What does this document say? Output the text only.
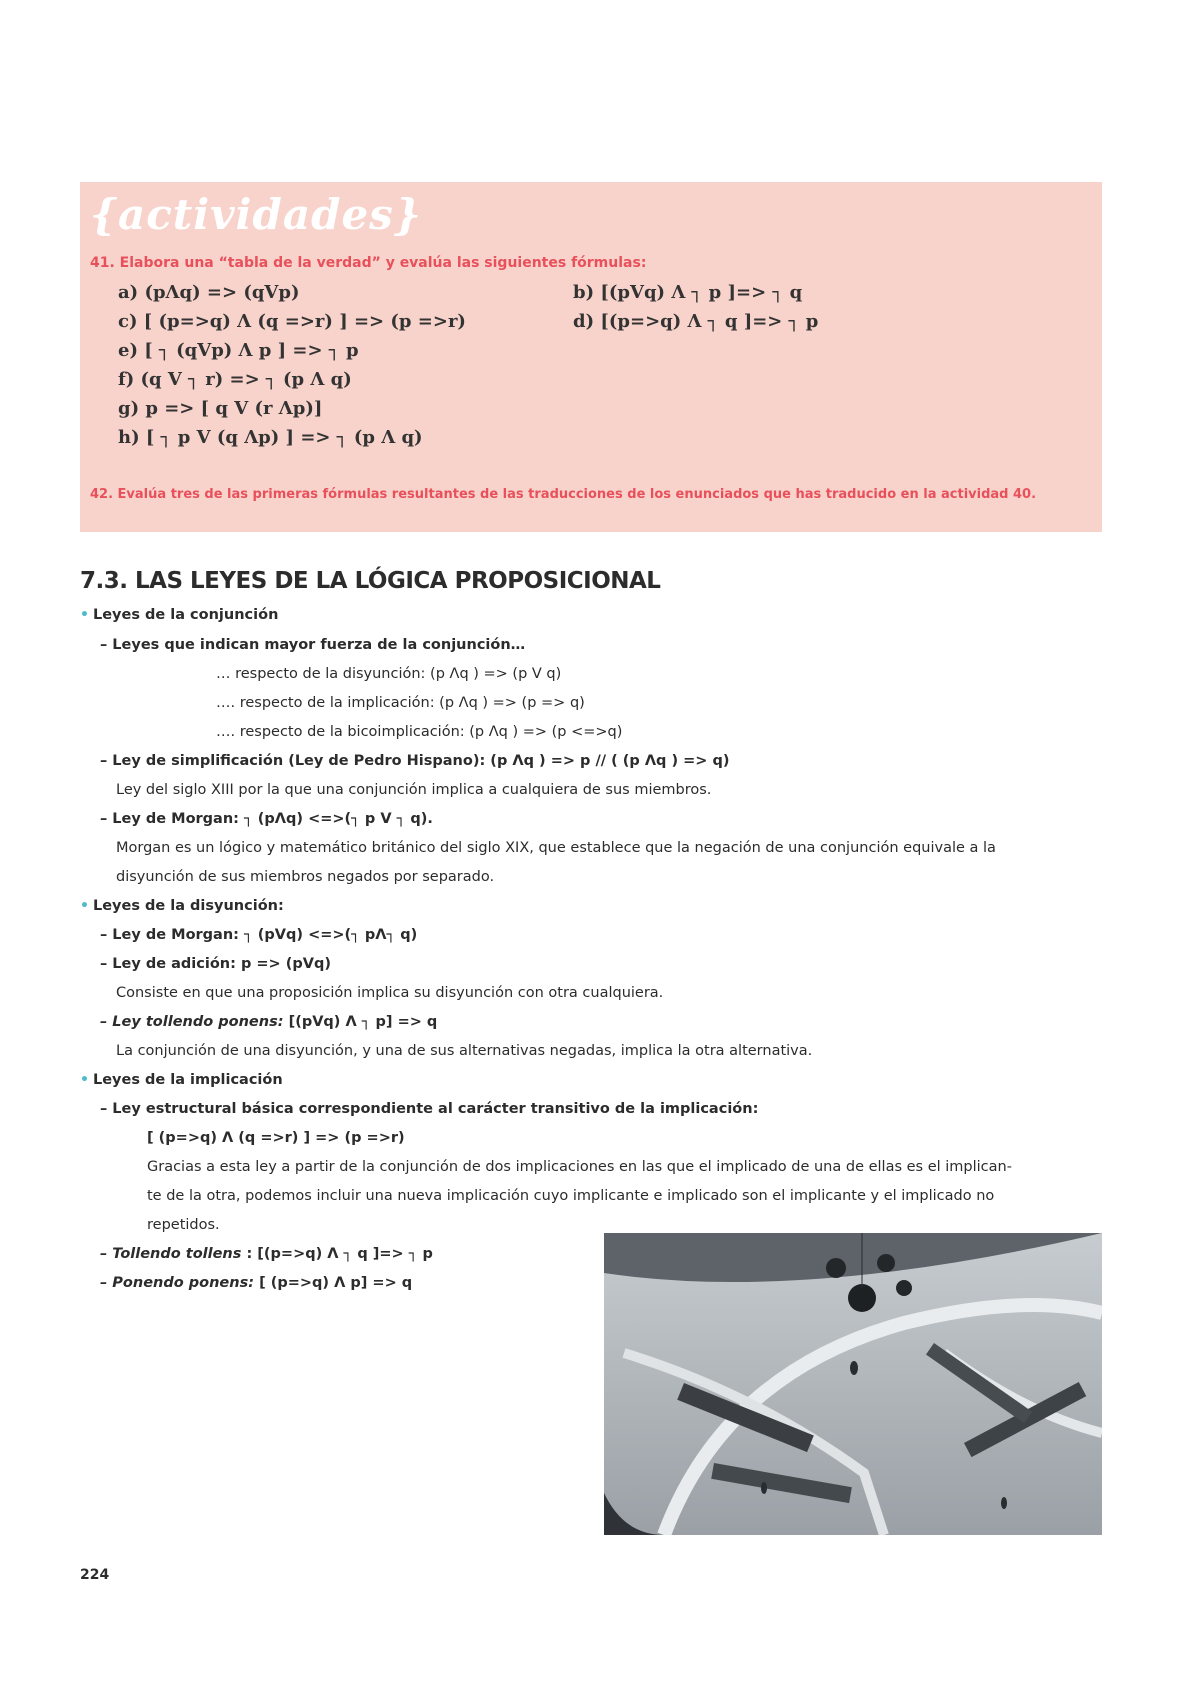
{actividades}
41. Elabora una “tabla de la verdad” y evalúa las siguientes fórmulas:
a) (pΛq) => (qVp)
c) [ (p=>q) Λ (q =>r) ] => (p =>r)
e) [ ┐ (qVp) Λ p ] => ┐ p
f) (q V ┐ r) => ┐ (p Λ q)
g) p => [ q V (r Λp)]
h) [ ┐ p V (q Λp) ] => ┐ (p Λ q)
b) [(pVq) Λ ┐ p ]=> ┐ q
d) [(p=>q) Λ ┐ q ]=> ┐ p
42. Evalúa tres de las primeras fórmulas resultantes de las traducciones de los enunciados que has traducido en la actividad 40.
7.3. LAS LEYES DE LA LÓGICA PROPOSICIONAL
• Leyes de la conjunción
– Leyes que indican mayor fuerza de la conjunción…
… respecto de la disyunción: (p Λq ) => (p V q)
…. respecto de la implicación: (p Λq ) => (p => q)
…. respecto de la bicoimplicación: (p Λq ) => (p <=>q)
– Ley de simplificación (Ley de Pedro Hispano): (p Λq ) => p // ( (p Λq ) => q)
Ley del siglo XIII por la que una conjunción implica a cualquiera de sus miembros.
– Ley de Morgan: ┐ (pΛq) <=>(┐ p V ┐ q).
Morgan es un lógico y matemático británico del siglo XIX, que establece que la negación de una conjunción equivale a la
disyunción de sus miembros negados por separado.
• Leyes de la disyunción:
– Ley de Morgan: ┐ (pVq) <=>(┐ pΛ┐ q)
– Ley de adición: p => (pVq)
Consiste en que una proposición implica su disyunción con otra cualquiera.
– Ley tollendo ponens: [(pVq) Λ ┐ p] => q
La conjunción de una disyunción, y una de sus alternativas negadas, implica la otra alternativa.
• Leyes de la implicación
– Ley estructural básica correspondiente al carácter transitivo de la implicación:
[ (p=>q) Λ (q =>r) ] => (p =>r)
Gracias a esta ley a partir de la conjunción de dos implicaciones en las que el implicado de una de ellas es el implican-
te de la otra, podemos incluir una nueva implicación cuyo implicante e implicado son el implicante y el implicado no
repetidos.
– Tollendo tollens : [(p=>q) Λ ┐ q ]=> ┐ p
– Ponendo ponens: [ (p=>q) Λ p] => q
224
